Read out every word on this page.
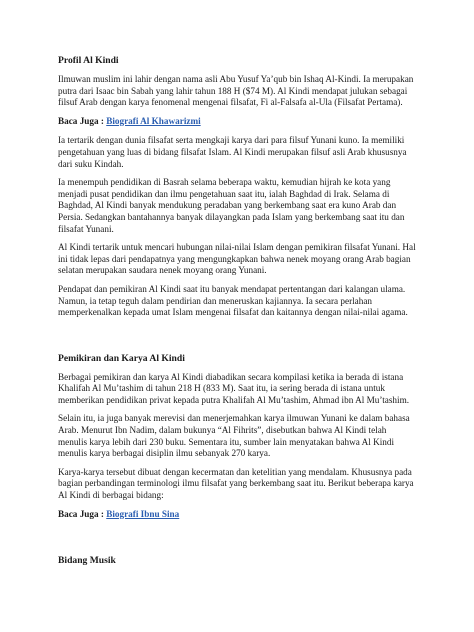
Profil Al Kindi

Ilmuwan muslim ini lahir dengan nama asli Abu Yusuf Ya’qub bin Ishaq Al-Kindi. Ia merupakan putra dari Isaac bin Sabah yang lahir tahun 188 H ($74 M). Al Kindi mendapat julukan sebagai filsuf Arab dengan karya fenomenal mengenai filsafat, Fi al-Falsafa al-Ula (Filsafat Pertama).

Baca Juga : Biografi Al Khawarizmi

Ia tertarik dengan dunia filsafat serta mengkaji karya dari para filsuf Yunani kuno. Ia memiliki pengetahuan yang luas di bidang filsafat Islam. Al Kindi merupakan filsuf asli Arab khususnya dari suku Kindah.

Ia menempuh pendidikan di Basrah selama beberapa waktu, kemudian hijrah ke kota yang menjadi pusat pendidikan dan ilmu pengetahuan saat itu, ialah Baghdad di Irak. Selama di Baghdad, Al Kindi banyak mendukung peradaban yang berkembang saat era kuno Arab dan Persia. Sedangkan bantahannya banyak dilayangkan pada Islam yang berkembang saat itu dan filsafat Yunani.

Al Kindi tertarik untuk mencari hubungan nilai-nilai Islam dengan pemikiran filsafat Yunani. Hal ini tidak lepas dari pendapatnya yang mengungkapkan bahwa nenek moyang orang Arab bagian selatan merupakan saudara nenek moyang orang Yunani.

Pendapat dan pemikiran Al Kindi saat itu banyak mendapat pertentangan dari kalangan ulama. Namun, ia tetap teguh dalam pendirian dan meneruskan kajiannya. Ia secara perlahan memperkenalkan kepada umat Islam mengenai filsafat dan kaitannya dengan nilai-nilai agama.

Pemikiran dan Karya Al Kindi

Berbagai pemikiran dan karya Al Kindi diabadikan secara kompilasi ketika ia berada di istana Khalifah Al Mu’tashim di tahun 218 H (833 M). Saat itu, ia sering berada di istana untuk memberikan pendidikan privat kepada putra Khalifah Al Mu’tashim, Ahmad ibn Al Mu’tashim.

Selain itu, ia juga banyak merevisi dan menerjemahkan karya ilmuwan Yunani ke dalam bahasa Arab. Menurut Ibn Nadim, dalam bukunya “Al Fihrits”, disebutkan bahwa Al Kindi telah menulis karya lebih dari 230 buku. Sementara itu, sumber lain menyatakan bahwa Al Kindi menulis karya berbagai disiplin ilmu sebanyak 270 karya.

Karya-karya tersebut dibuat dengan kecermatan dan ketelitian yang mendalam. Khususnya pada bagian perbandingan terminologi ilmu filsafat yang berkembang saat itu. Berikut beberapa karya Al Kindi di berbagai bidang:

Baca Juga : Biografi Ibnu Sina

Bidang Musik
